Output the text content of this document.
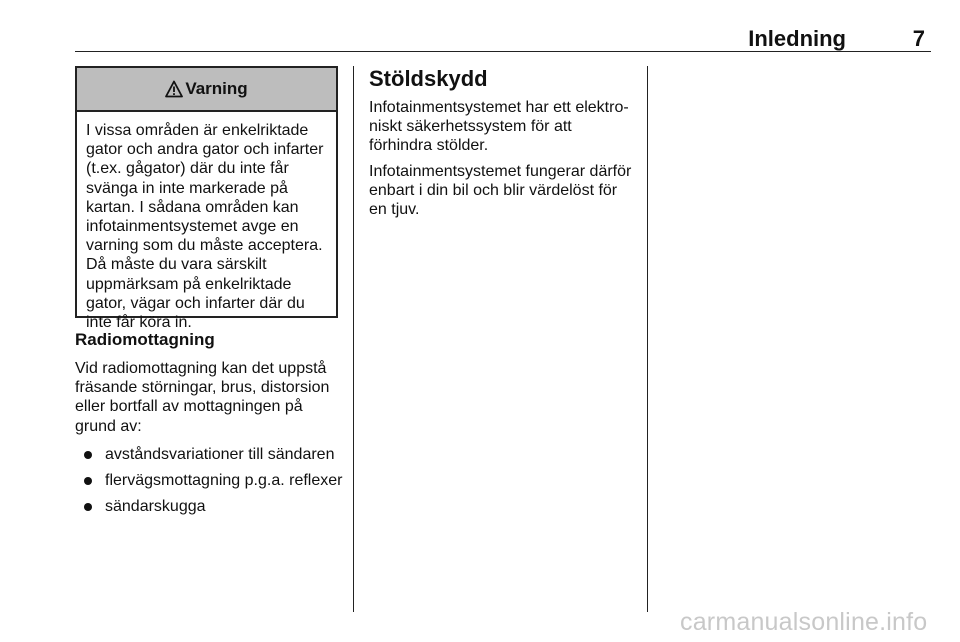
Inledning	7
Varning
I vissa områden är enkelriktade gator och andra gator och infarter (t.ex. gågator) där du inte får svänga in inte markerade på kartan. I sådana områden kan infotainmentsystemet avge en varning som du måste acceptera. Då måste du vara särskilt uppmärksam på enkelriktade gator, vägar och infarter där du inte får köra in.
Radiomottagning

Vid radiomottagning kan det uppstå fräsande störningar, brus, distorsion eller bortfall av mottagningen på grund av:

avståndsvariationer till sändaren
flervägsmottagning p.g.a. reflexer
sändarskugga
Stöldskydd

Infotainmentsystemet har ett elektro-niskt säkerhetssystem för att förhindra stölder.

Infotainmentsystemet fungerar därför enbart i din bil och blir värdelöst för en tjuv.

carmanualsonline.info
